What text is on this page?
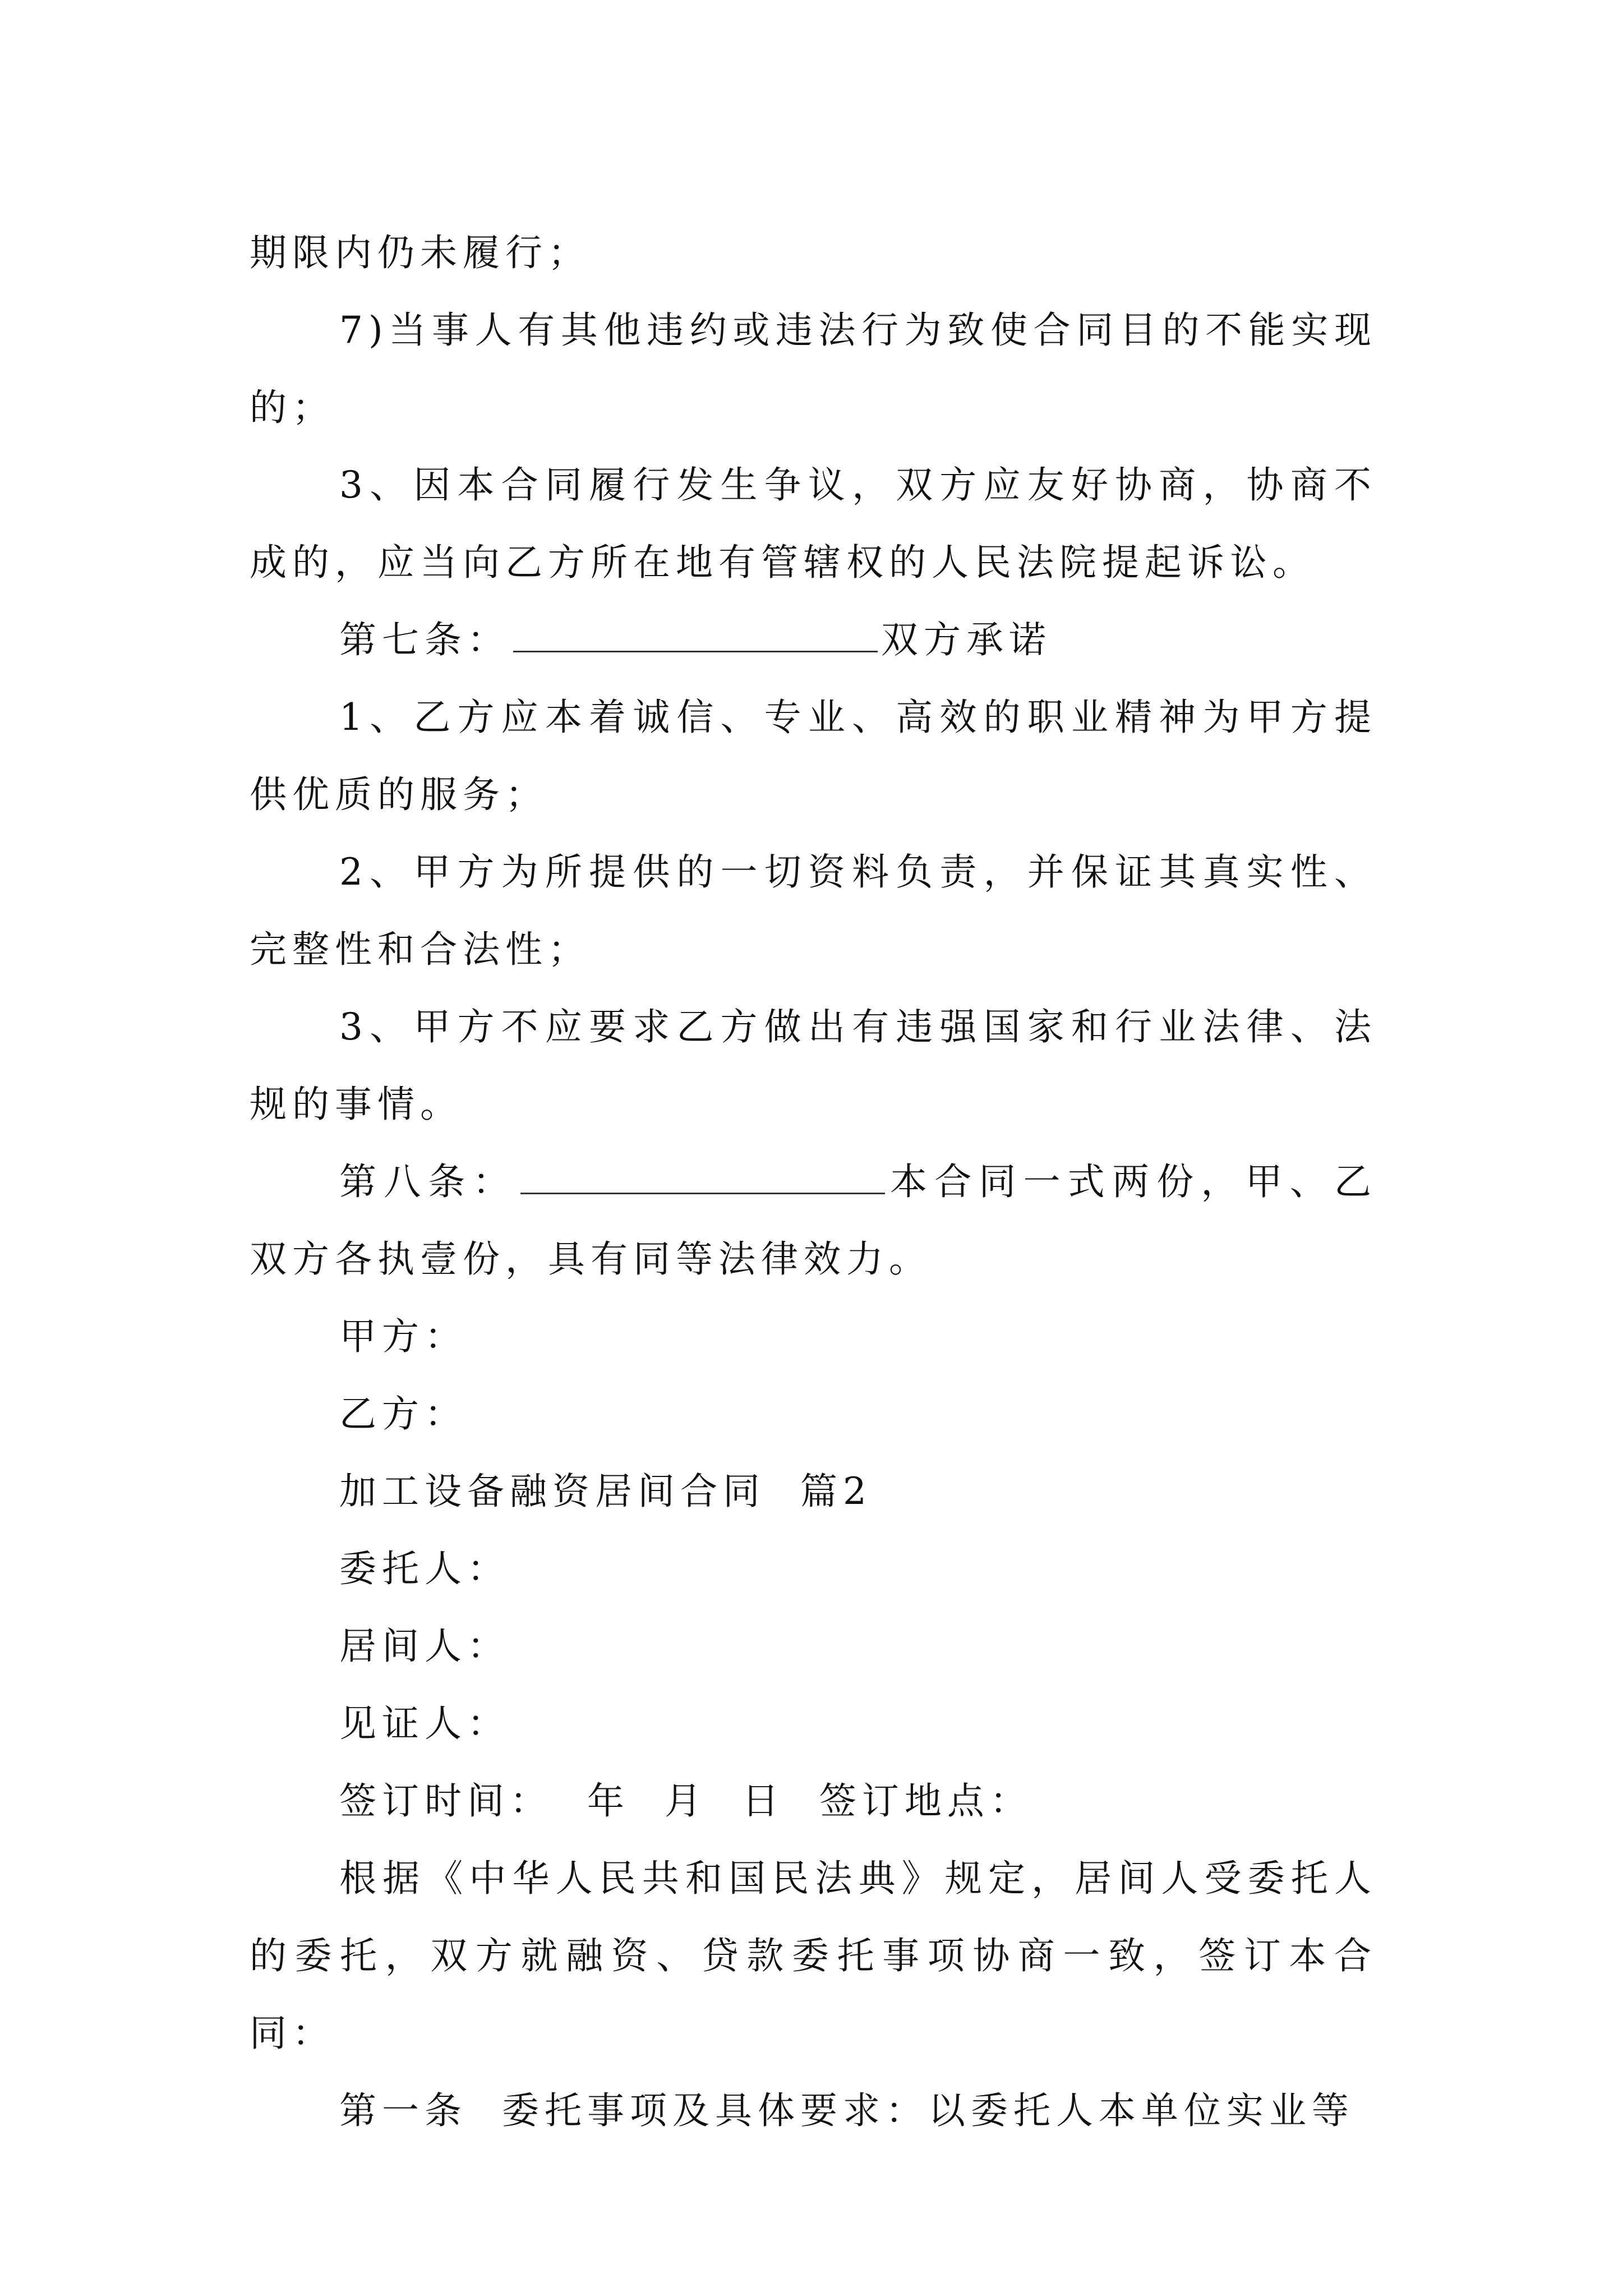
期限内仍未履行；

7)当事人有其他违约或违法行为致使合同目的不能实现的；

3、因本合同履行发生争议，双方应友好协商，协商不成的，应当向乙方所在地有管辖权的人民法院提起诉讼。

第七条：	双方承诺

1、乙方应本着诚信、专业、高效的职业精神为甲方提供优质的服务；

2、甲方为所提供的一切资料负责，并保证其真实性、完整性和合法性；

3、甲方不应要求乙方做出有违强国家和行业法律、法规的事情。

第八条：	本合同一式两份，甲、乙双方各执壹份，具有同等法律效力。

甲方：

乙方：

加工设备融资居间合同  篇2

委托人：

居间人：

见证人：

签订时间：  年  月  日  签订地点：

根据《中华人民共和国民法典》规定，居间人受委托人的委托，双方就融资、贷款委托事项协商一致，签订本合同：

第一条  委托事项及具体要求：以委托人本单位实业等
